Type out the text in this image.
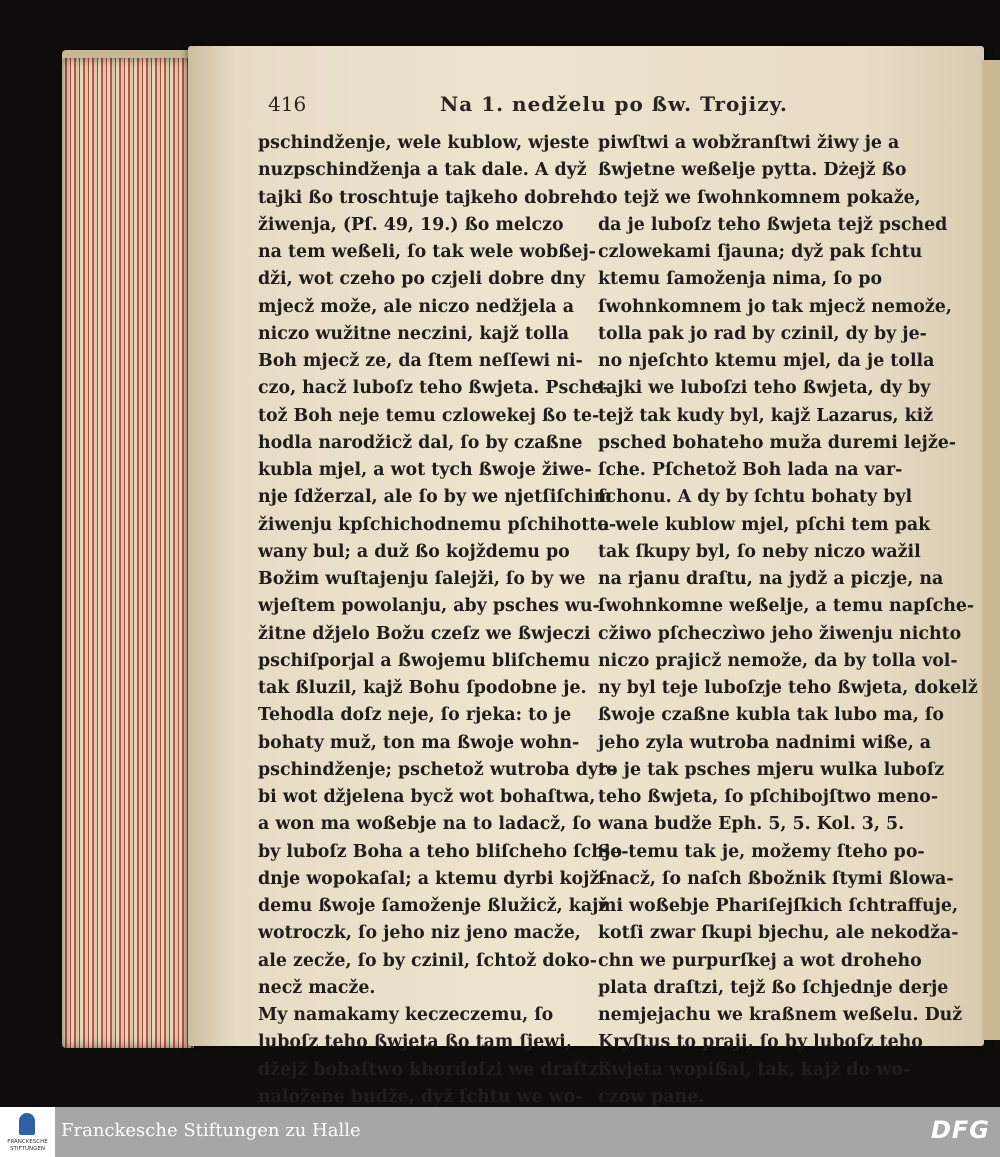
416	Na 1. nedželu po ßw. Trojizy.
pschindženje, wele kublow, wjeste
nuzpschindženja a tak dale. A dyž
tajki ßo troschtuje tajkeho dobreho
žiwenja, (Pſ. 49, 19.) ßo melczo
na tem weßeli, ſo tak wele wobßej-
dži, wot czeho po czjeli dobre dny
mjecž može, ale niczo nedžjela a
niczo wužitne neczini, kajž tolla
Boh mjecž ze, da ſtem neſſewi ni-
czo, hacž luboſz teho ßwjeta. Psche-
tož Boh neje temu czlowekej ßo te-
hodla narodžicž dal, ſo by czaßne
kubla mjel, a wot tych ßwoje žiwe-
nje ſdžerzal, ale ſo by we njetſiſchim
žiwenju kpſchichodnemu pſchihotto-
wany bul; a duž ßo kojždemu po
Božim wuſtajenju ſalejži, ſo by we
wjeſtem powolanju, aby psches wu-
žitne džjelo Božu czeſz we ßwjeczi
pschiſporjal a ßwojemu bliſchemu
tak ßluzil, kajž Bohu ſpodobne je.
Tehodla doſz neje, ſo rjeka: to je
bohaty muž, ton ma ßwoje wohn-
pschindženje; pschetož wutroba dyr-
bi wot džjelena bycž wot bohaſtwa,
a won ma woßebje na to ladacž, ſo
by luboſz Boha a teho bliſcheho ſchje-
dnje wopokaſal; a ktemu dyrbi kojž-
demu ßwoje ſamoženje ßlužicž, kajž
wotroczk, ſo jeho niz jeno macže,
ale zecže, ſo by czinil, ſchtož doko-
necž macže.
My namakamy keczeczemu, ſo
luboſz teho ßwjeta ßo tam ſjewi,
džejž bohaſtwo khordoſzi we draſtzi
naložene budže, dyž ſchtu we wo-
piwſtwi a wobžranſtwi žiwy je a
ßwjetne weßelje pytta. Dżejž ßo
to tejž we ſwohnkomnem pokaže,
da je luboſz teho ßwjeta tejž psched
czlowekami ſjauna; dyž pak ſchtu
ktemu ſamoženja nima, ſo po
ſwohnkomnem jo tak mjecž nemože,
tolla pak jo rad by czinil, dy by je-
no njeſchto ktemu mjel, da je tolla
tajki we luboſzi teho ßwjeta, dy by
tejž tak kudy byl, kajž Lazarus, kiž
psched bohateho muža duremi lejže-
ſche. Pſchetož Boh lada na var-
ſchonu. A dy by ſchtu bohaty byl
a wele kublow mjel, pſchi tem pak
tak ſkupy byl, ſo neby niczo wažil
na rjanu draſtu, na jydž a piczje, na
ſwohnkomne weßelje, a temu napſche-
cžiwo pſcheczìwo jeho žiwenju nichto
niczo prajicž nemože, da by tolla vol-
ny byl teje luboſzje teho ßwjeta, dokelž
ßwoje czaßne kubla tak lubo ma, ſo
jeho zyla wutroba nadnimi wiße, a
to je tak psches mjeru wulka luboſz
teho ßwjeta, ſo pſchibojſtwo meno-
wana budže Eph. 5, 5. Kol. 3, 5.
So temu tak je, možemy ſteho po-
ſnacž, ſo naſch ßbožnik ſtymi ßlowa-
mi woßebje Phariſejſkich ſchtraffuje,
kotſi zwar ſkupi bjechu, ale nekodža-
chn we purpurſkej a wot droheho
plata draſtzi, tejž ßo ſchjednje derje
nemjejachu we kraßnem weßelu. Duž
Kryſtus to praji, ſo by luboſz teho
ßwjeta wopißal, tak, kajž do wo-
czow pane.
FRANCKESCHE STIFTUNGEN
Franckesche Stiftungen zu Halle	DFG
